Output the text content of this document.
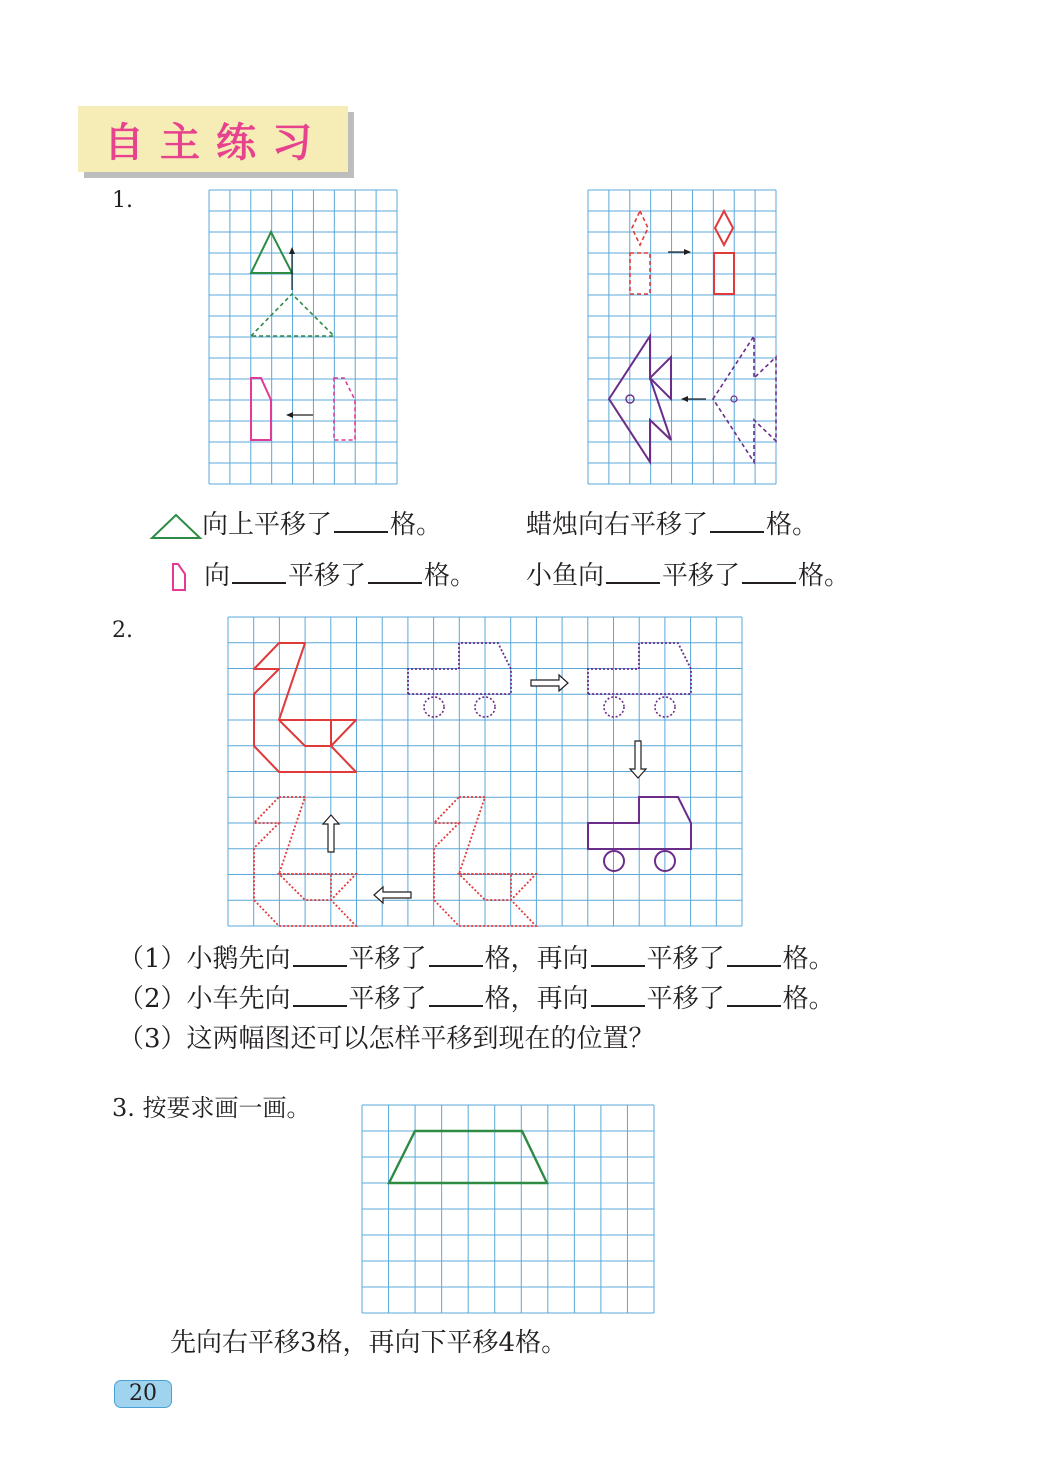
自主练习
1.
向上平移了 格。	蜡烛向右平移了 格。
向 平移了 格。 小鱼向 平移了 格。
2.
（1）小鹅先向 平移了 格，再向 平移了 格。
（2）小车先向 平移了 格，再向 平移了 格。
（3）这两幅图还可以怎样平移到现在的位置？
3. 按要求画一画。
先向右平移3格，再向下平移4格。
20
